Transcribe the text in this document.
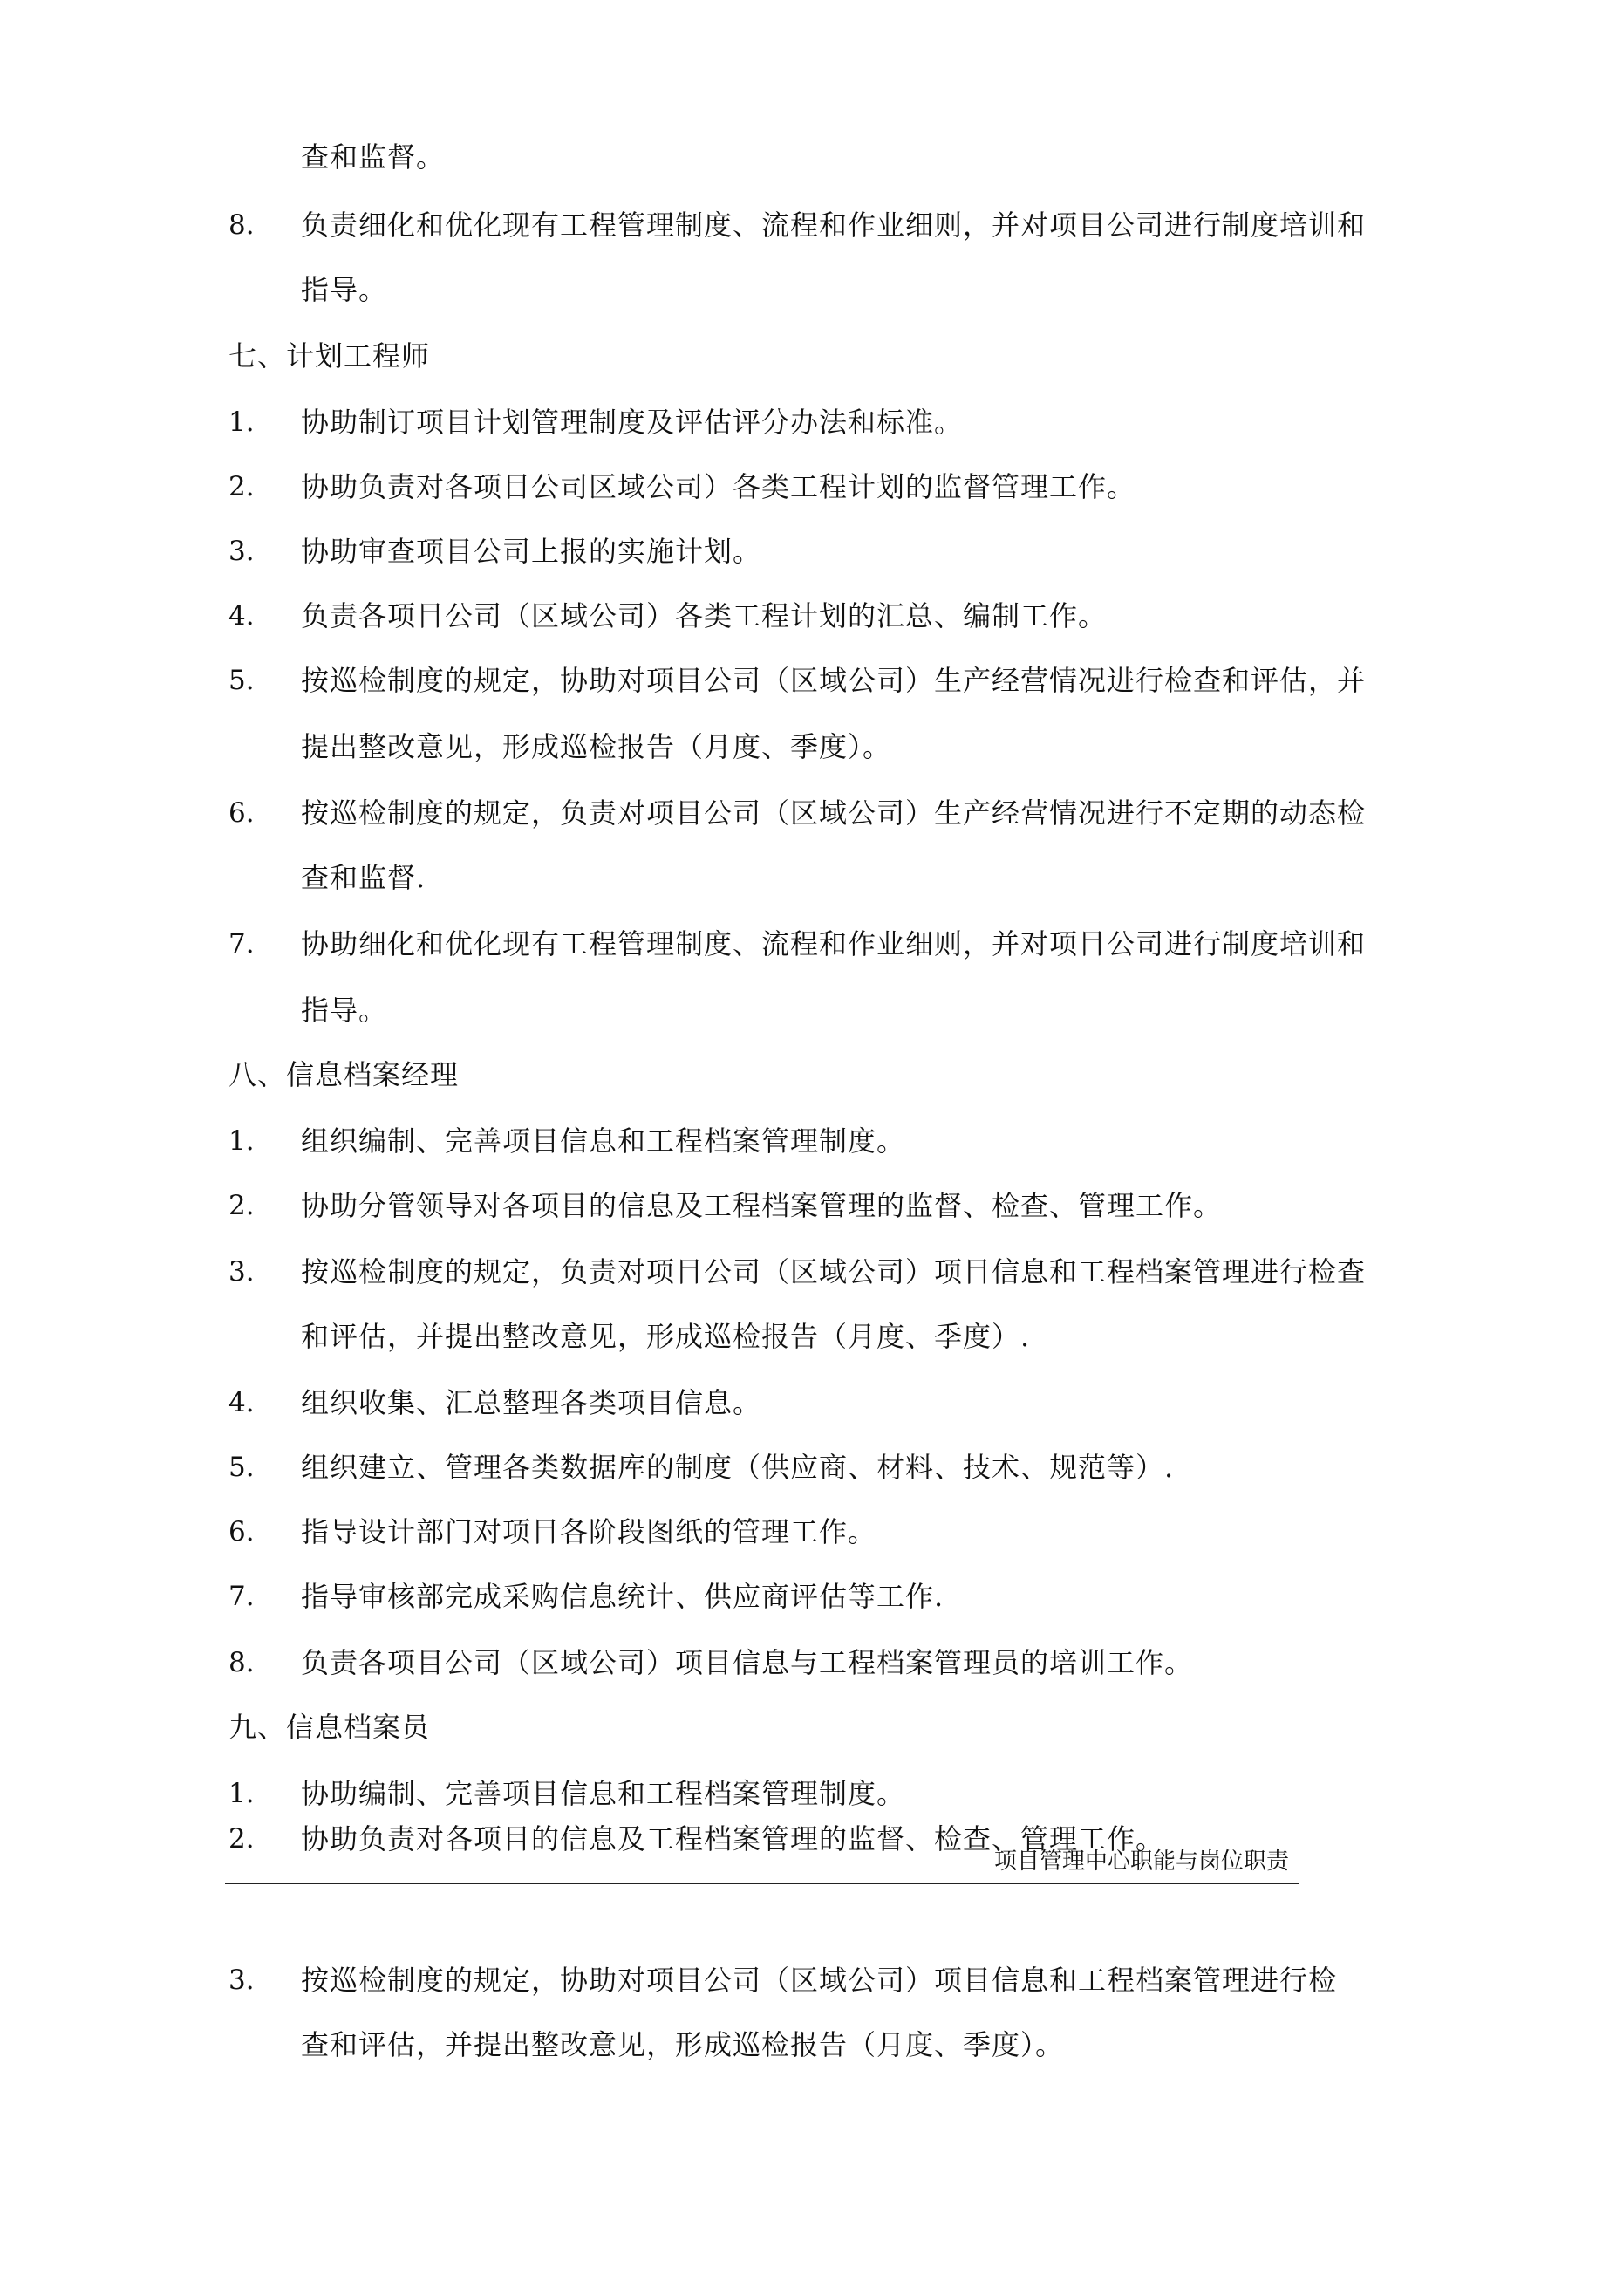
查和监督。
8. 负责细化和优化现有工程管理制度、流程和作业细则，并对项目公司进行制度培训和
指导。
七、计划工程师
1. 协助制订项目计划管理制度及评估评分办法和标准。
2. 协助负责对各项目公司区域公司）各类工程计划的监督管理工作。
3. 协助审查项目公司上报的实施计划。
4. 负责各项目公司（区域公司）各类工程计划的汇总、编制工作。
5. 按巡检制度的规定，协助对项目公司（区域公司）生产经营情况进行检查和评估，并
提出整改意见，形成巡检报告（月度、季度）。
6. 按巡检制度的规定，负责对项目公司（区域公司）生产经营情况进行不定期的动态检
查和监督.
7. 协助细化和优化现有工程管理制度、流程和作业细则，并对项目公司进行制度培训和
指导。
八、信息档案经理
1. 组织编制、完善项目信息和工程档案管理制度。
2. 协助分管领导对各项目的信息及工程档案管理的监督、检查、管理工作。
3. 按巡检制度的规定，负责对项目公司（区域公司）项目信息和工程档案管理进行检查
和评估，并提出整改意见，形成巡检报告（月度、季度）.
4. 组织收集、汇总整理各类项目信息。
5. 组织建立、管理各类数据库的制度（供应商、材料、技术、规范等）.
6. 指导设计部门对项目各阶段图纸的管理工作。
7. 指导审核部完成采购信息统计、供应商评估等工作.
8. 负责各项目公司（区域公司）项目信息与工程档案管理员的培训工作。
九、信息档案员
1. 协助编制、完善项目信息和工程档案管理制度。
2. 协助负责对各项目的信息及工程档案管理的监督、检查、管理工作。
项目管理中心职能与岗位职责
3. 按巡检制度的规定，协助对项目公司（区域公司）项目信息和工程档案管理进行检
查和评估，并提出整改意见，形成巡检报告（月度、季度）。
